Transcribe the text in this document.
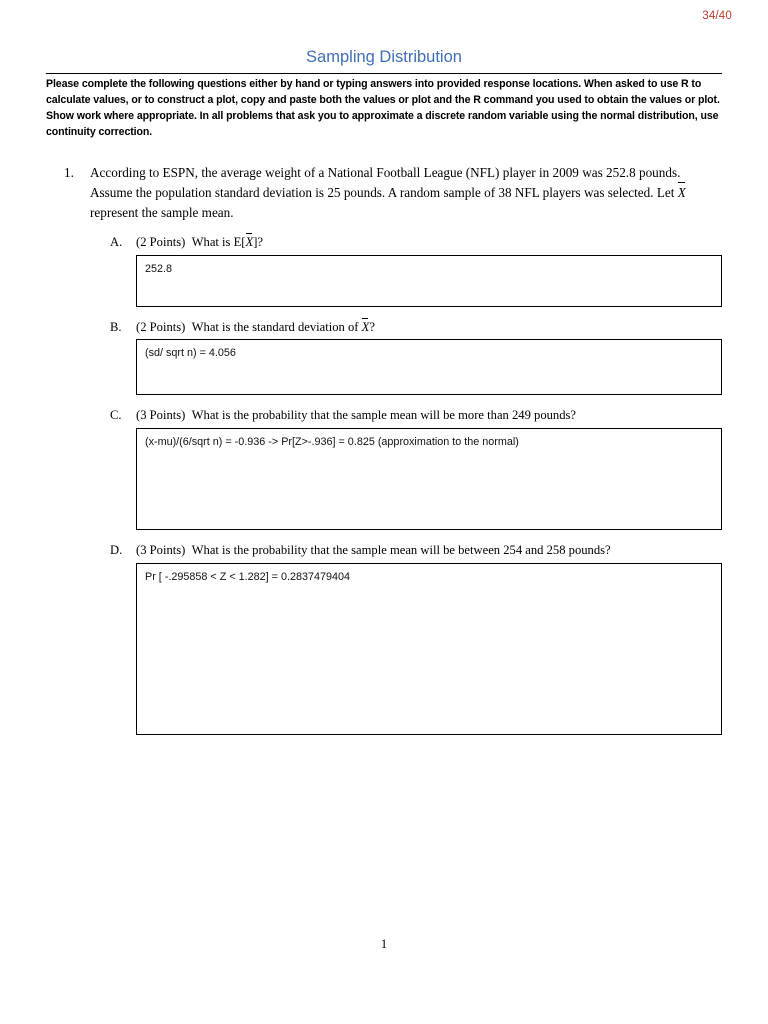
34/40
Sampling Distribution
Please complete the following questions either by hand or typing answers into provided response locations. When asked to use R to calculate values, or to construct a plot, copy and paste both the values or plot and the R command you used to obtain the values or plot. Show work where appropriate. In all problems that ask you to approximate a discrete random variable using the normal distribution, use continuity correction.
1.	According to ESPN, the average weight of a National Football League (NFL) player in 2009 was 252.8 pounds. Assume the population standard deviation is 25 pounds. A random sample of 38 NFL players was selected. Let X represent the sample mean.
A.	(2 Points) What is E[X]?
252.8
B.	(2 Points) What is the standard deviation of X?
(sd/ sqrt n) = 4.056
C.	(3 Points) What is the probability that the sample mean will be more than 249 pounds?
(x-mu)/(6/sqrt n) = -0.936 -> Pr[Z>-.936] = 0.825 (approximation to the normal)
D.	(3 Points) What is the probability that the sample mean will be between 254 and 258 pounds?
Pr [ -.295858 < Z < 1.282] = 0.2837479404
1
